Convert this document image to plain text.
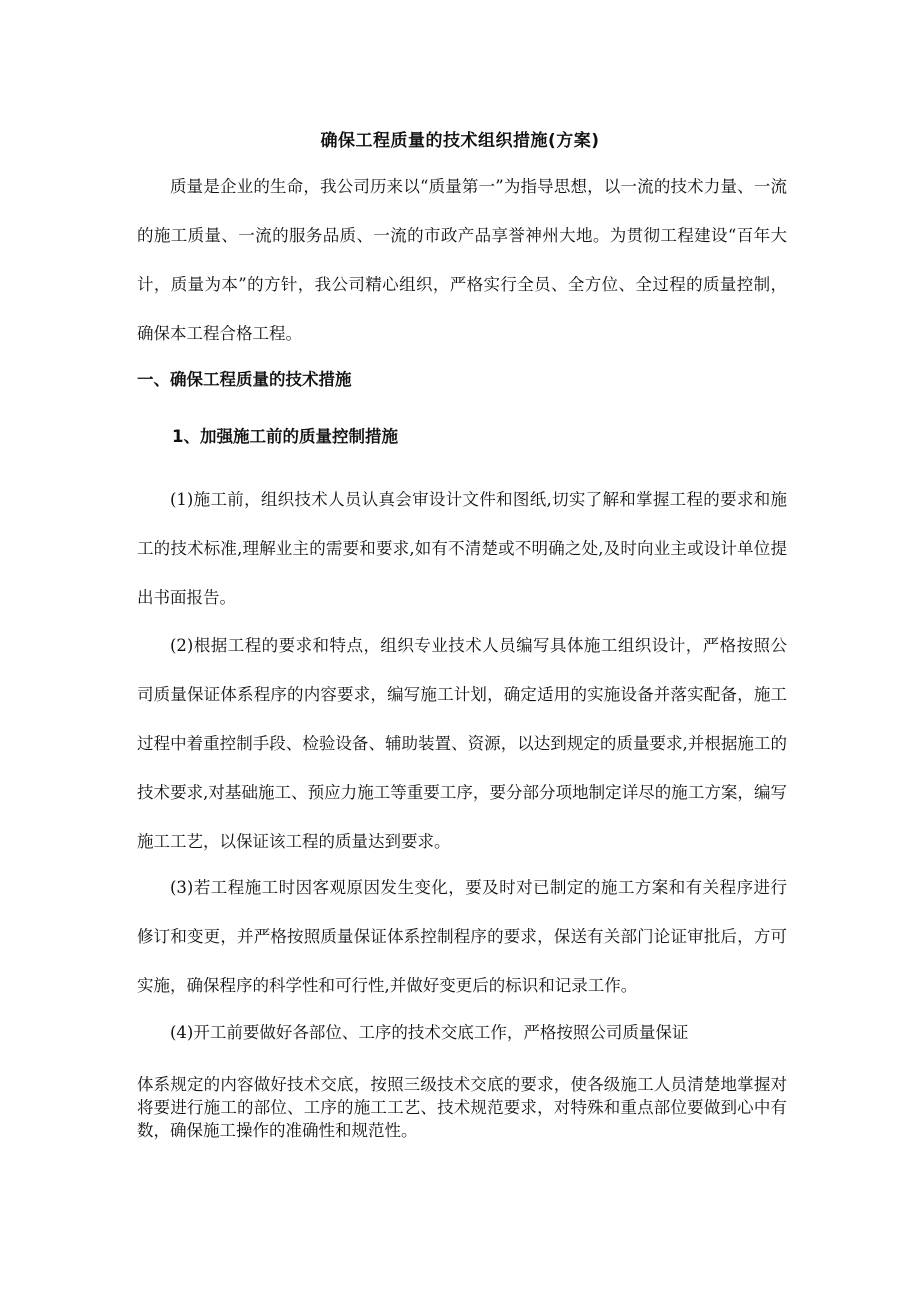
确保工程质量的技术组织措施(方案)
质量是企业的生命，我公司历来以“质量第一”为指导思想，以一流的技术力量、一流的施工质量、一流的服务品质、一流的市政产品享誉神州大地。为贯彻工程建设“百年大计，质量为本”的方针，我公司精心组织，严格实行全员、全方位、全过程的质量控制，确保本工程合格工程。
一、确保工程质量的技术措施
1、加强施工前的质量控制措施
(1)施工前，组织技术人员认真会审设计文件和图纸,切实了解和掌握工程的要求和施工的技术标准,理解业主的需要和要求,如有不清楚或不明确之处,及时向业主或设计单位提出书面报告。
(2)根据工程的要求和特点，组织专业技术人员编写具体施工组织设计，严格按照公司质量保证体系程序的内容要求，编写施工计划，确定适用的实施设备并落实配备，施工过程中着重控制手段、检验设备、辅助装置、资源，以达到规定的质量要求,并根据施工的技术要求,对基础施工、预应力施工等重要工序，要分部分项地制定详尽的施工方案，编写施工工艺，以保证该工程的质量达到要求。
(3)若工程施工时因客观原因发生变化，要及时对已制定的施工方案和有关程序进行修订和变更，并严格按照质量保证体系控制程序的要求，保送有关部门论证审批后，方可实施，确保程序的科学性和可行性,并做好变更后的标识和记录工作。
(4)开工前要做好各部位、工序的技术交底工作，严格按照公司质量保证
体系规定的内容做好技术交底，按照三级技术交底的要求，使各级施工人员清楚地掌握对将要进行施工的部位、工序的施工工艺、技术规范要求，对特殊和重点部位要做到心中有数，确保施工操作的准确性和规范性。
